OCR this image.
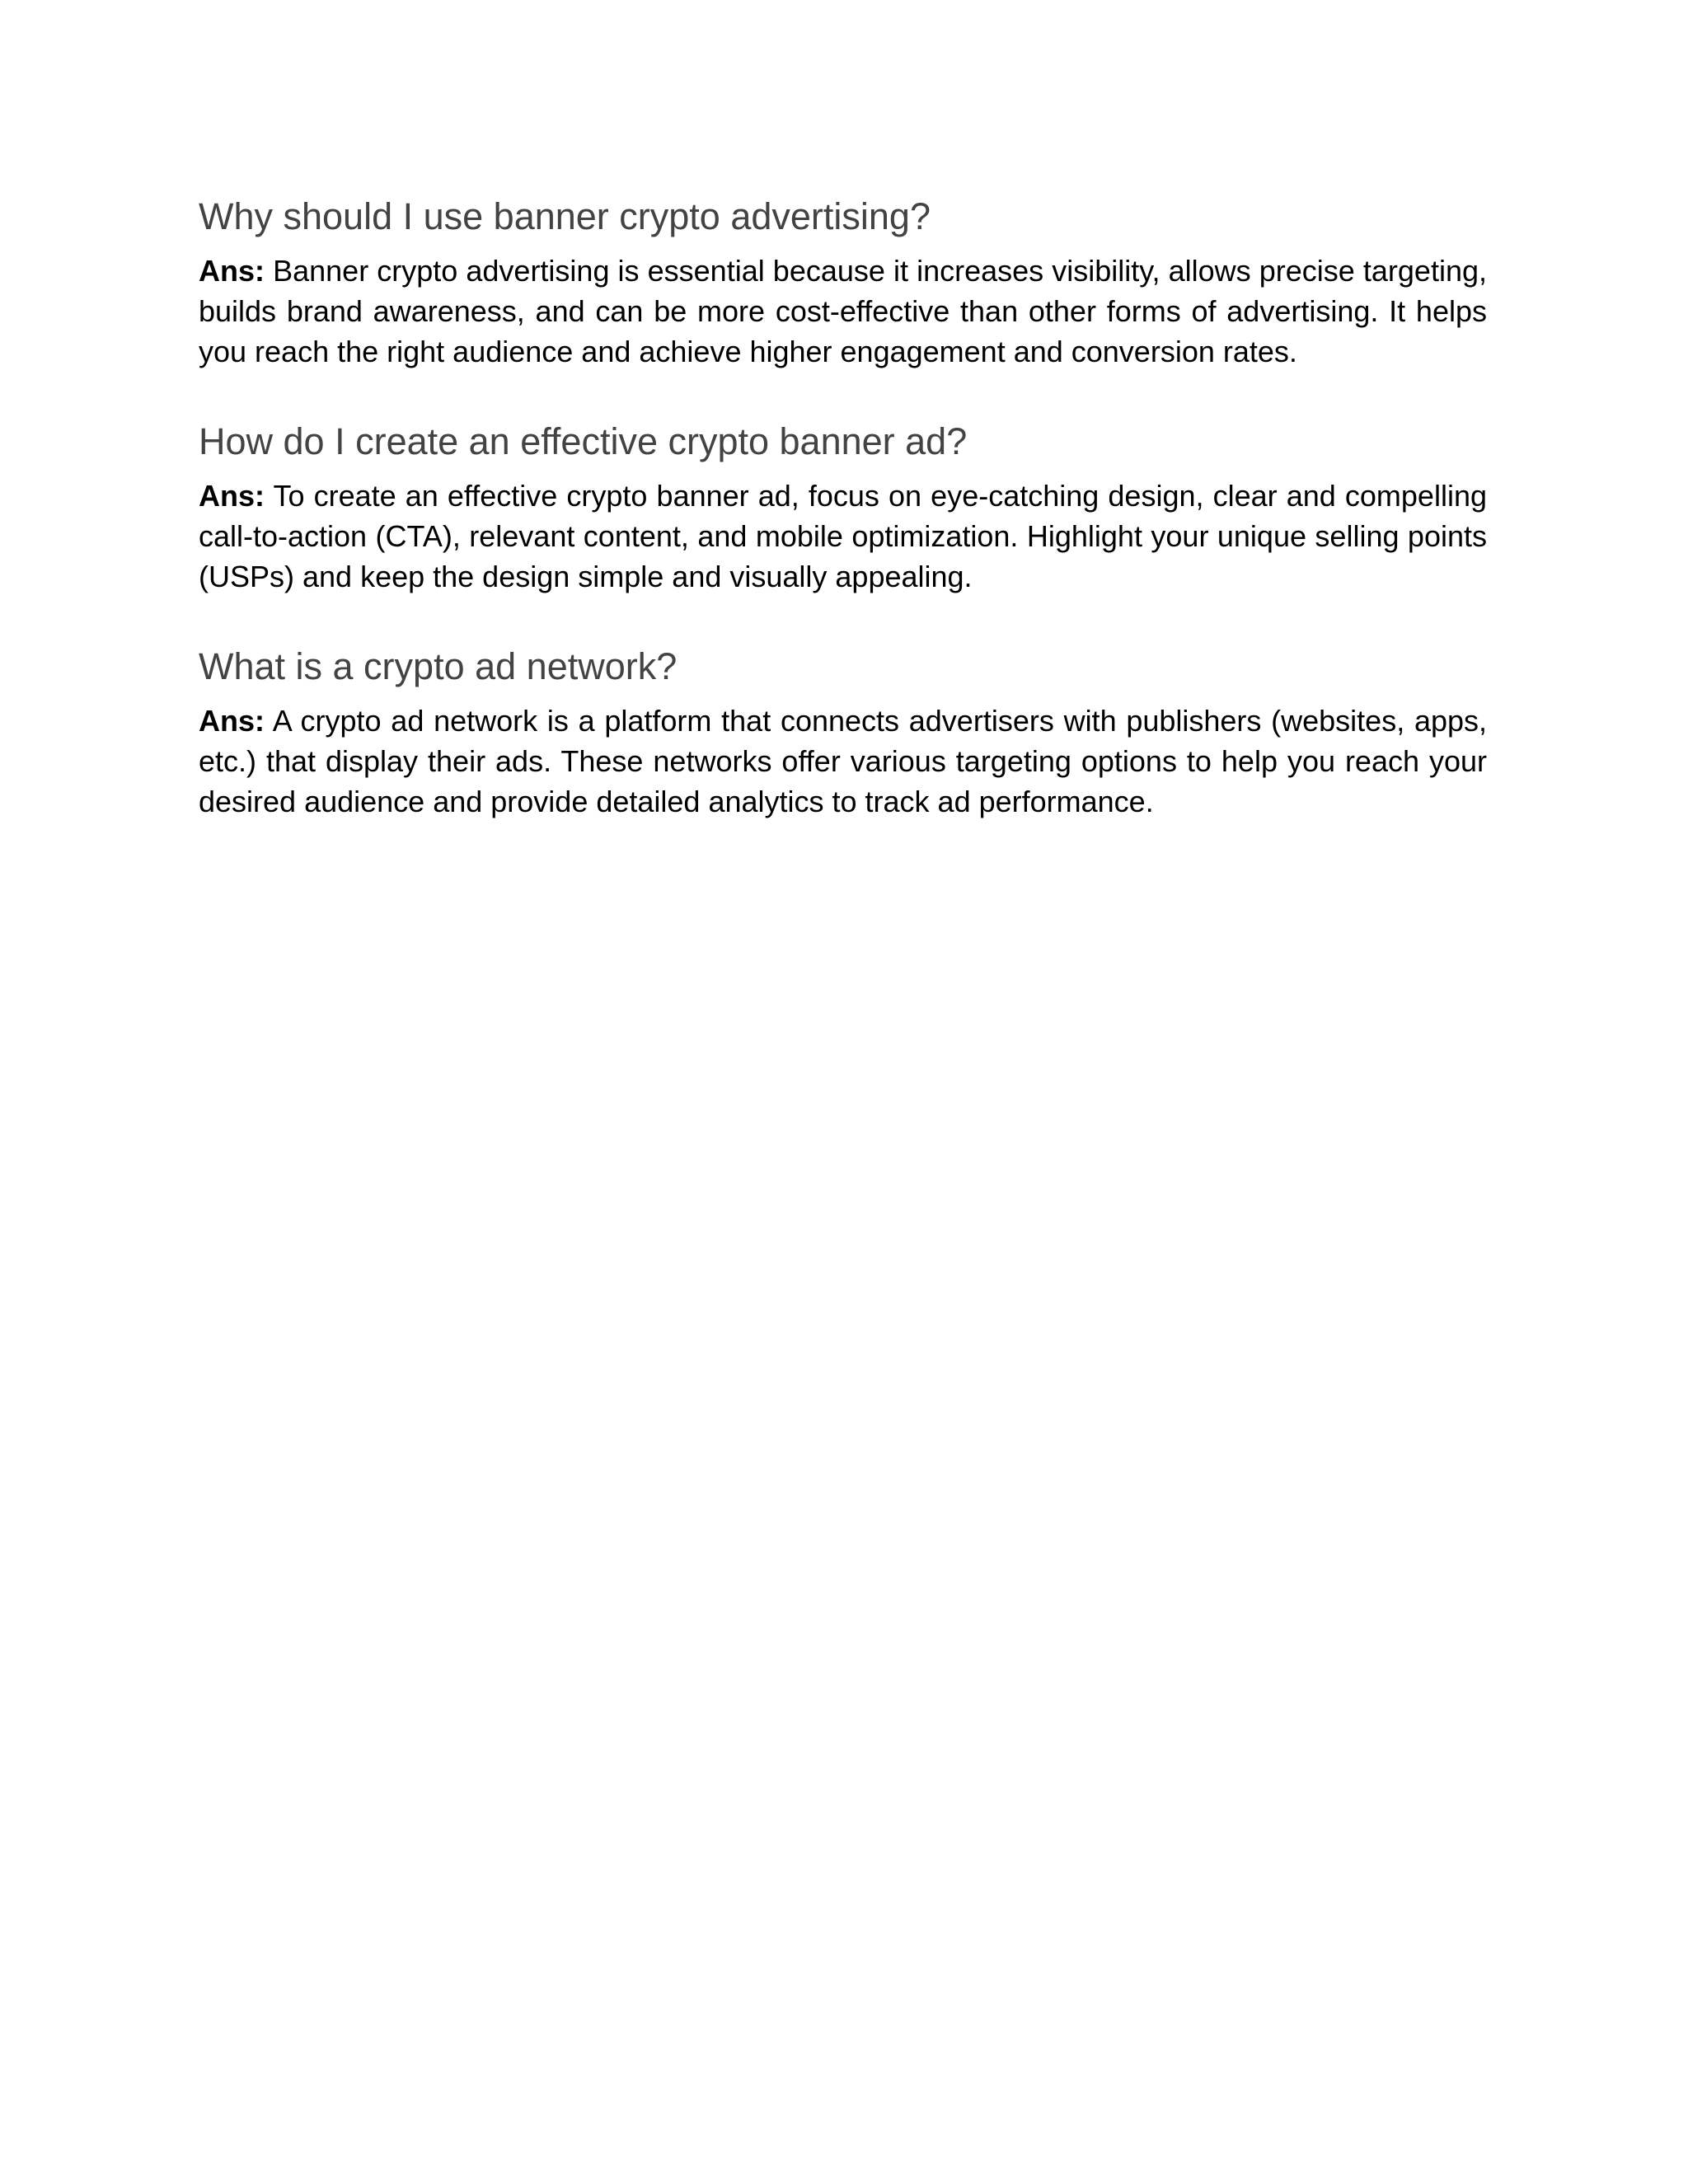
Why should I use banner crypto advertising?

Ans: Banner crypto advertising is essential because it increases visibility, allows precise targeting, builds brand awareness, and can be more cost-effective than other forms of advertising. It helps you reach the right audience and achieve higher engagement and conversion rates.

How do I create an effective crypto banner ad?

Ans: To create an effective crypto banner ad, focus on eye-catching design, clear and compelling call-to-action (CTA), relevant content, and mobile optimization. Highlight your unique selling points (USPs) and keep the design simple and visually appealing.

What is a crypto ad network?

Ans: A crypto ad network is a platform that connects advertisers with publishers (websites, apps, etc.) that display their ads. These networks offer various targeting options to help you reach your desired audience and provide detailed analytics to track ad performance.
